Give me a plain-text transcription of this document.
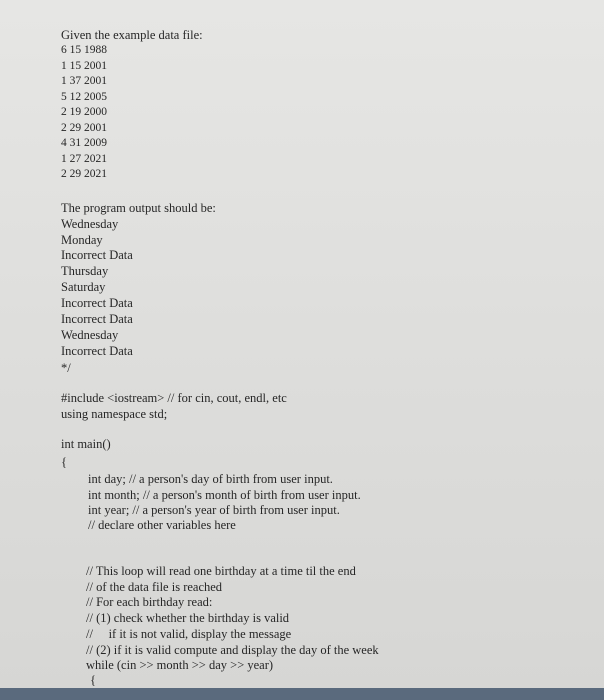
Given the example data file:
6 15 1988
1 15 2001
1 37 2001
5 12 2005
2 19 2000
2 29 2001
4 31 2009
1 27 2021
2 29 2021
The program output should be:
Wednesday
Monday
Incorrect Data
Thursday
Saturday
Incorrect Data
Incorrect Data
Wednesday
Incorrect Data
*/
#include <iostream> // for cin, cout, endl, etc
using namespace std;
int main()
{
int day; // a person's day of birth from user input.
int month; // a person's month of birth from user input.
int year; // a person's year of birth from user input.
// declare other variables here
// This loop will read one birthday at a time til the end
// of the data file is reached
// For each birthday read:
// (1) check whether the birthday is valid
//     if it is not valid, display the message
// (2) if it is valid compute and display the day of the week
while (cin >> month >> day >> year)
{
